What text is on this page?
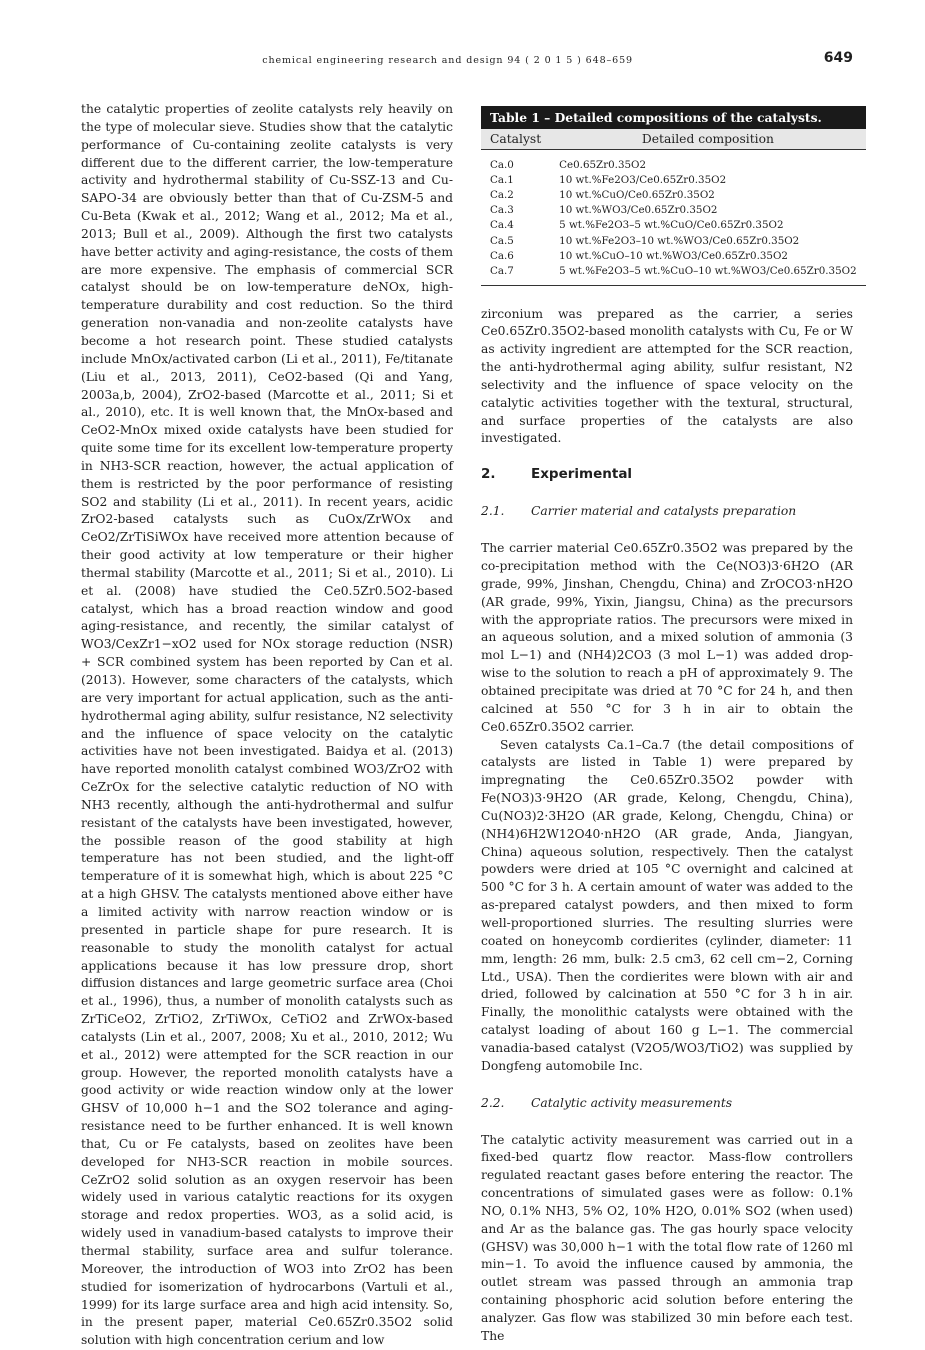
chemical engineering research and design 94 ( 2 0 1 5 ) 648–659	649

the catalytic properties of zeolite catalysts rely heavily on the type of molecular sieve. Studies show that the catalytic performance of Cu-containing zeolite catalysts is very different due to the different carrier, the low-temperature activity and hydrothermal stability of Cu-SSZ-13 and Cu-SAPO-34 are obviously better than that of Cu-ZSM-5 and Cu-Beta (Kwak et al., 2012; Wang et al., 2012; Ma et al., 2013; Bull et al., 2009). Although the first two catalysts have better activity and aging-resistance, the costs of them are more expensive. The emphasis of commercial SCR catalyst should be on low-temperature deNOx, high-temperature durability and cost reduction. So the third generation non-vanadia and non-zeolite catalysts have become a hot research point. These studied catalysts include MnOx/activated carbon (Li et al., 2011), Fe/titanate (Liu et al., 2013, 2011), CeO2-based (Qi and Yang, 2003a,b, 2004), ZrO2-based (Marcotte et al., 2011; Si et al., 2010), etc. It is well known that, the MnOx-based and CeO2-MnOx mixed oxide catalysts have been studied for quite some time for its excellent low-temperature property in NH3-SCR reaction, however, the actual application of them is restricted by the poor performance of resisting SO2 and stability (Li et al., 2011). In recent years, acidic ZrO2-based catalysts such as CuOx/ZrWOx and CeO2/ZrTiSiWOx have received more attention because of their good activity at low temperature or their higher thermal stability (Marcotte et al., 2011; Si et al., 2010). Li et al. (2008) have studied the Ce0.5Zr0.5O2-based catalyst, which has a broad reaction window and good aging-resistance, and recently, the similar catalyst of WO3/CexZr1−xO2 used for NOx storage reduction (NSR) + SCR combined system has been reported by Can et al. (2013). However, some characters of the catalysts, which are very important for actual application, such as the anti-hydrothermal aging ability, sulfur resistance, N2 selectivity and the influence of space velocity on the catalytic activities have not been investigated. Baidya et al. (2013) have reported monolith catalyst combined WO3/ZrO2 with CeZrOx for the selective catalytic reduction of NO with NH3 recently, although the anti-hydrothermal and sulfur resistant of the catalysts have been investigated, however, the possible reason of the good stability at high temperature has not been studied, and the light-off temperature of it is somewhat high, which is about 225 °C at a high GHSV. The catalysts mentioned above either have a limited activity with narrow reaction window or is presented in particle shape for pure research. It is reasonable to study the monolith catalyst for actual applications because it has low pressure drop, short diffusion distances and large geometric surface area (Choi et al., 1996), thus, a number of monolith catalysts such as ZrTiCeO2, ZrTiO2, ZrTiWOx, CeTiO2 and ZrWOx-based catalysts (Lin et al., 2007, 2008; Xu et al., 2010, 2012; Wu et al., 2012) were attempted for the SCR reaction in our group. However, the reported monolith catalysts have a good activity or wide reaction window only at the lower GHSV of 10,000 h−1 and the SO2 tolerance and aging-resistance need to be further enhanced. It is well known that, Cu or Fe catalysts, based on zeolites have been developed for NH3-SCR reaction in mobile sources. CeZrO2 solid solution as an oxygen reservoir has been widely used in various catalytic reactions for its oxygen storage and redox properties. WO3, as a solid acid, is widely used in vanadium-based catalysts to improve their thermal stability, surface area and sulfur tolerance. Moreover, the introduction of WO3 into ZrO2 has been studied for isomerization of hydrocarbons (Vartuli et al., 1999) for its large surface area and high acid intensity. So, in the present paper, material Ce0.65Zr0.35O2 solid solution with high concentration cerium and low

Table 1 – Detailed compositions of the catalysts.
Catalyst	Detailed composition
Ca.0	Ce0.65Zr0.35O2
Ca.1	10 wt.%Fe2O3/Ce0.65Zr0.35O2
Ca.2	10 wt.%CuO/Ce0.65Zr0.35O2
Ca.3	10 wt.%WO3/Ce0.65Zr0.35O2
Ca.4	5 wt.%Fe2O3–5 wt.%CuO/Ce0.65Zr0.35O2
Ca.5	10 wt.%Fe2O3–10 wt.%WO3/Ce0.65Zr0.35O2
Ca.6	10 wt.%CuO–10 wt.%WO3/Ce0.65Zr0.35O2
Ca.7	5 wt.%Fe2O3–5 wt.%CuO–10 wt.%WO3/Ce0.65Zr0.35O2

zirconium was prepared as the carrier, a series Ce0.65Zr0.35O2-based monolith catalysts with Cu, Fe or W as activity ingredient are attempted for the SCR reaction, the anti-hydrothermal aging ability, sulfur resistant, N2 selectivity and the influence of space velocity on the catalytic activities together with the textural, structural, and surface properties of the catalysts are also investigated.

2.	Experimental
2.1. Carrier material and catalysts preparation

The carrier material Ce0.65Zr0.35O2 was prepared by the co-precipitation method with the Ce(NO3)3·6H2O (AR grade, 99%, Jinshan, Chengdu, China) and ZrOCO3·nH2O (AR grade, 99%, Yixin, Jiangsu, China) as the precursors with the appropriate ratios. The precursors were mixed in an aqueous solution, and a mixed solution of ammonia (3 mol L−1) and (NH4)2CO3 (3 mol L−1) was added drop-wise to the solution to reach a pH of approximately 9. The obtained precipitate was dried at 70 °C for 24 h, and then calcined at 550 °C for 3 h in air to obtain the Ce0.65Zr0.35O2 carrier.

Seven catalysts Ca.1–Ca.7 (the detail compositions of catalysts are listed in Table 1) were prepared by impregnating the Ce0.65Zr0.35O2 powder with Fe(NO3)3·9H2O (AR grade, Kelong, Chengdu, China), Cu(NO3)2·3H2O (AR grade, Kelong, Chengdu, China) or (NH4)6H2W12O40·nH2O (AR grade, Anda, Jiangyan, China) aqueous solution, respectively. Then the catalyst powders were dried at 105 °C overnight and calcined at 500 °C for 3 h. A certain amount of water was added to the as-prepared catalyst powders, and then mixed to form well-proportioned slurries. The resulting slurries were coated on honeycomb cordierites (cylinder, diameter: 11 mm, length: 26 mm, bulk: 2.5 cm3, 62 cell cm−2, Corning Ltd., USA). Then the cordierites were blown with air and dried, followed by calcination at 550 °C for 3 h in air. Finally, the monolithic catalysts were obtained with the catalyst loading of about 160 g L−1. The commercial vanadia-based catalyst (V2O5/WO3/TiO2) was supplied by Dongfeng automobile Inc.

2.2. Catalytic activity measurements

The catalytic activity measurement was carried out in a fixed-bed quartz flow reactor. Mass-flow controllers regulated reactant gases before entering the reactor. The concentrations of simulated gases were as follow: 0.1% NO, 0.1% NH3, 5% O2, 10% H2O, 0.01% SO2 (when used) and Ar as the balance gas. The gas hourly space velocity (GHSV) was 30,000 h−1 with the total flow rate of 1260 ml min−1. To avoid the influence caused by ammonia, the outlet stream was passed through an ammonia trap containing phosphoric acid solution before entering the analyzer. Gas flow was stabilized 30 min before each test. The
